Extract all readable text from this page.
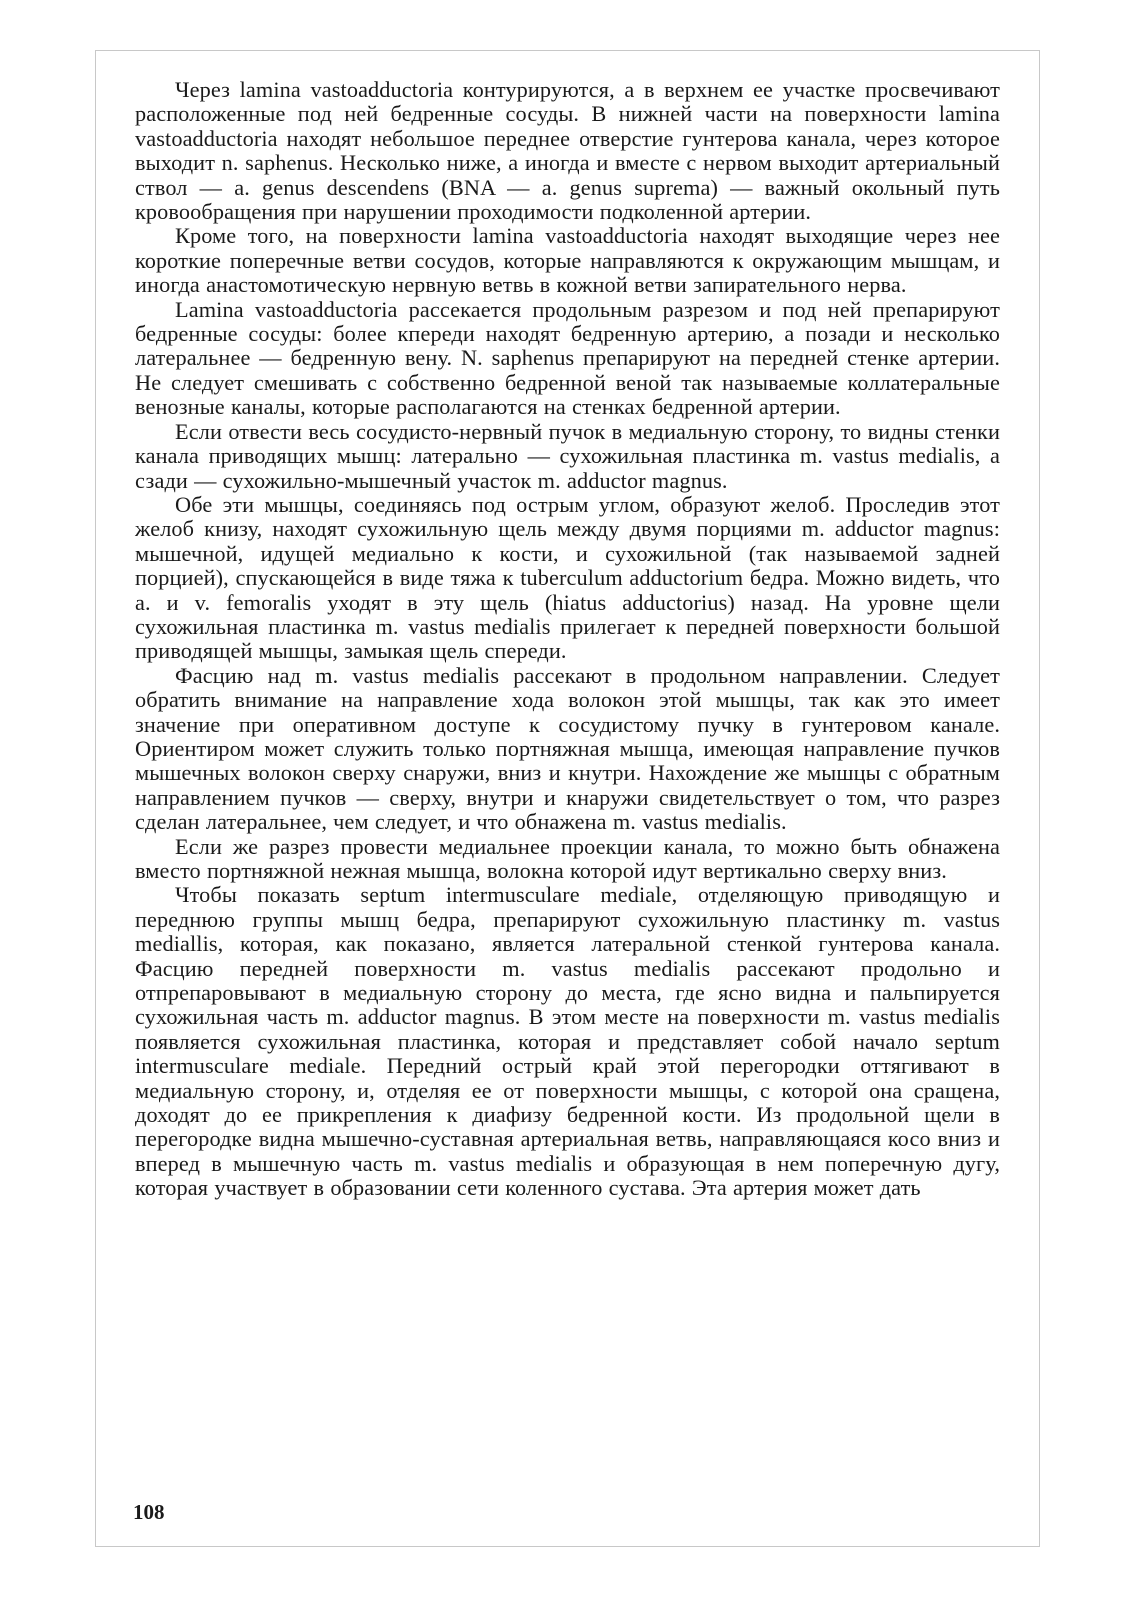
Через lamina vastoadductoria контурируются, а в верхнем ее участке просвечивают расположенные под ней бедренные сосуды. В нижней части на поверхности lamina vastoadductoria находят небольшое переднее отверстие гунтерова канала, через которое выходит n. saphenus. Несколько ниже, а иногда и вместе с нервом выходит артериальный ствол — a. genus descendens (BNA — a. genus suprema) — важный окольный путь кровообращения при нарушении проходимости подколенной артерии.

Кроме того, на поверхности lamina vastoadductoria находят выходящие через нее короткие поперечные ветви сосудов, которые направляются к окружающим мышцам, и иногда анастомотическую нервную ветвь в кожной ветви запирательного нерва.

Lamina vastoadductoria рассекается продольным разрезом и под ней препарируют бедренные сосуды: более кпереди находят бедренную артерию, а позади и несколько латеральнее — бедренную вену. N. saphenus препарируют на передней стенке артерии. Не следует смешивать с собственно бедренной веной так называемые коллатеральные венозные каналы, которые располагаются на стенках бедренной артерии.

Если отвести весь сосудисто-нервный пучок в медиальную сторону, то видны стенки канала приводящих мышц: латерально — сухожильная пластинка m. vastus medialis, а сзади — сухожильно-мышечный участок m. adductor magnus.

Обе эти мышцы, соединяясь под острым углом, образуют желоб. Проследив этот желоб книзу, находят сухожильную щель между двумя порциями m. adductor magnus: мышечной, идущей медиально к кости, и сухожильной (так называемой задней порцией), спускающейся в виде тяжа к tuberculum adductorium бедра. Можно видеть, что a. и v. femoralis уходят в эту щель (hiatus adductorius) назад. На уровне щели сухожильная пластинка m. vastus medialis прилегает к передней поверхности большой приводящей мышцы, замыкая щель спереди.

Фасцию над m. vastus medialis рассекают в продольном направлении. Следует обратить внимание на направление хода волокон этой мышцы, так как это имеет значение при оперативном доступе к сосудистому пучку в гунтеровом канале. Ориентиром может служить только портняжная мышца, имеющая направление пучков мышечных волокон сверху снаружи, вниз и кнутри. Нахождение же мышцы с обратным направлением пучков — сверху, внутри и кнаружи свидетельствует о том, что разрез сделан латеральнее, чем следует, и что обнажена m. vastus medialis.

Если же разрез провести медиальнее проекции канала, то можно быть обнажена вместо портняжной нежная мышца, волокна которой идут вертикально сверху вниз.

Чтобы показать septum intermusculare mediale, отделяющую приводящую и переднюю группы мышц бедра, препарируют сухожильную пластинку m. vastus mediallis, которая, как показано, является латеральной стенкой гунтерова канала. Фасцию передней поверхности m. vastus medialis рассекают продольно и отпрепаровывают в медиальную сторону до места, где ясно видна и пальпируется сухожильная часть m. adductor magnus. В этом месте на поверхности m. vastus medialis появляется сухожильная пластинка, которая и представляет собой начало septum intermusculare mediale. Передний острый край этой перегородки оттягивают в медиальную сторону, и, отделяя ее от поверхности мышцы, с которой она сращена, доходят до ее прикрепления к диафизу бедренной кости. Из продольной щели в перегородке видна мышечно-суставная артериальная ветвь, направляющаяся косо вниз и вперед в мышечную часть m. vastus medialis и образующая в нем поперечную дугу, которая участвует в образовании сети коленного сустава. Эта артерия может дать

108
